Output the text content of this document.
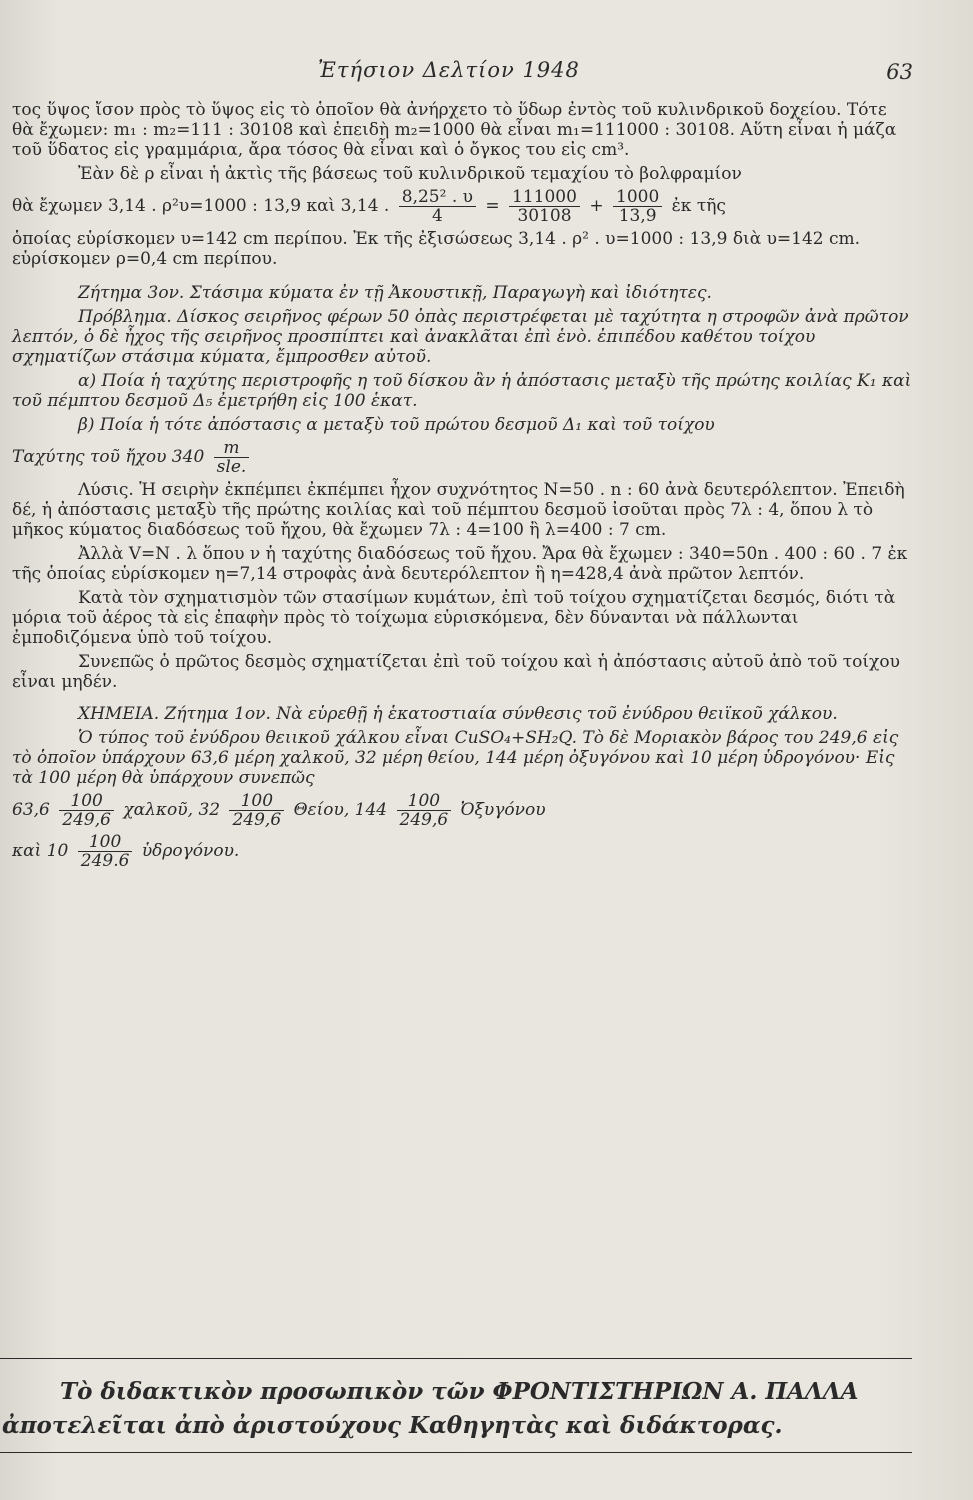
Ἐτήσιον Δελτίον 1948	63

τος ὕψος ἴσον πρὸς τὸ ὕψος εἰς τὸ ὁποῖον θὰ ἀνήρχετο τὸ ὕδωρ ἐντὸς τοῦ κυλινδρικοῦ δοχείου. Τότε θὰ ἔχωμεν: m₁ : m₂=111 : 30108 καὶ ἐπειδὴ m₂=1000 θὰ εἶναι m₁=111000 : 30108. Αὕτη εἶναι ἡ μάζα τοῦ ὕδατος εἰς γραμμάρια, ἄρα τόσος θὰ εἶναι καὶ ὁ ὄγκος του εἰς cm³.

Ἐὰν δὲ ρ εἶναι ἡ ἀκτὶς τῆς βάσεως τοῦ κυλινδρικοῦ τεμαχίου τὸ βολφραμίον

θὰ ἔχωμεν 3,14 . ρ²υ=1000 : 13,9 καὶ 3,14 . $\frac{\text{8,25² . υ}}{4} = \frac{111000}{30108} + \frac{1000}{13,9}$ ἐκ τῆς

ὁποίας εὑρίσκομεν υ=142 cm περίπου. Ἐκ τῆς ἐξισώσεως 3,14 . ρ² . υ=1000 : 13,9 διὰ υ=142 cm. εὑρίσκομεν ρ=0,4 cm περίπου.

Ζήτημα 3ον. Στάσιμα κύματα ἐν τῇ Ἀκουστικῇ, Παραγωγὴ καὶ ἰδιότητες.

Πρόβλημα. Δίσκος σειρῆνος φέρων 50 ὀπὰς περιστρέφεται μὲ ταχύτητα η στροφῶν ἀνὰ πρῶτον λεπτόν, ὁ δὲ ἦχος τῆς σειρῆνος προσπίπτει καὶ ἀνακλᾶται ἐπὶ ἑνὸ. ἐπιπέδου καθέτου τοίχου σχηματίζων στάσιμα κύματα, ἔμπροσθεν αὐτοῦ.

α) Ποία ἡ ταχύτης περιστροφῆς η τοῦ δίσκου ἂν ἡ ἀπόστασις μεταξὺ τῆς πρώτης κοιλίας K₁ καὶ τοῦ πέμπτου δεσμοῦ Δ₅ ἐμετρήθη εἰς 100 ἑκατ.

β) Ποία ἡ τότε ἀπόστασις α μεταξὺ τοῦ πρώτου δεσμοῦ Δ₁ καὶ τοῦ τοίχου

Ταχύτης τοῦ ἤχου $340 \frac{m}{\text{sle.}}$

Λύσις. Ἡ σειρὴν ἐκπέμπει ἐκπέμπει ἦχον συχνότητος N=50 . n : 60 ἀνὰ δευτερόλεπτον. Ἐπειδὴ δέ, ἡ ἀπόστασις μεταξὺ τῆς πρώτης κοιλίας καὶ τοῦ πέμπτου δεσμοῦ ἰσοῦται πρὸς 7λ : 4, ὅπου λ τὸ μῆκος κύματος διαδόσεως τοῦ ἤχου, θὰ ἔχωμεν 7λ : 4=100 ἢ λ=400 : 7 cm.

Ἀλλὰ V=N . λ ὅπου ν ἡ ταχύτης διαδόσεως τοῦ ἤχου. Ἄρα θὰ ἔχωμεν : 340=50n . 400 : 60 . 7 ἐκ τῆς ὁποίας εὑρίσκομεν η=7,14 στροφὰς ἀνὰ δευτερόλεπτον ἢ η=428,4 ἀνὰ πρῶτον λεπτόν.

Κατὰ τὸν σχηματισμὸν τῶν στασίμων κυμάτων, ἐπὶ τοῦ τοίχου σχηματίζεται δεσμός, διότι τὰ μόρια τοῦ ἀέρος τὰ εἰς ἐπαφὴν πρὸς τὸ τοίχωμα εὑρισκόμενα, δὲν δύνανται νὰ πάλλωνται ἐμποδιζόμενα ὑπὸ τοῦ τοίχου.

Συνεπῶς ὁ πρῶτος δεσμὸς σχηματίζεται ἐπὶ τοῦ τοίχου καὶ ἡ ἀπόστασις αὐτοῦ ἀπὸ τοῦ τοίχου εἶναι μηδέν.

ΧΗΜΕΙΑ. Ζήτημα 1ον. Νὰ εὑρεθῇ ἡ ἑκατοστιαία σύνθεσις τοῦ ἐνύδρου θειϊκοῦ χάλκου.

Ὁ τύπος τοῦ ἐνύδρου θειικοῦ χάλκου εἶναι CuSO₄+SH₂Q. Τὸ δὲ Μοριακὸν βάρος του 249,6 εἰς τὸ ὁποῖον ὑπάρχουν 63,6 μέρη χαλκοῦ, 32 μέρη θείου, 144 μέρη ὀξυγόνου καὶ 10 μέρη ὑδρογόνου· Εἰς τὰ 100 μέρη θὰ ὑπάρχουν συνεπῶς

$63,6 \frac{100}{249,6}$ χαλκοῦ, $32 \frac{100}{249,6} \Theta\varepsilon ίo\upsilon$, $144 \frac{100}{249,6}$ Ὀξυγόνου
καὶ $10 \frac{100}{249.6}$ ὑδρογόνου.
Τὸ διδακτικὸν προσωπικὸν τῶν ΦΡΟΝΤΙΣΤΗΡΙΩΝ Α. ΠΑΛΛΑ
ἀποτελεῖται ἀπὸ ἀριστούχους Καθηγητὰς καὶ διδάκτορας.
